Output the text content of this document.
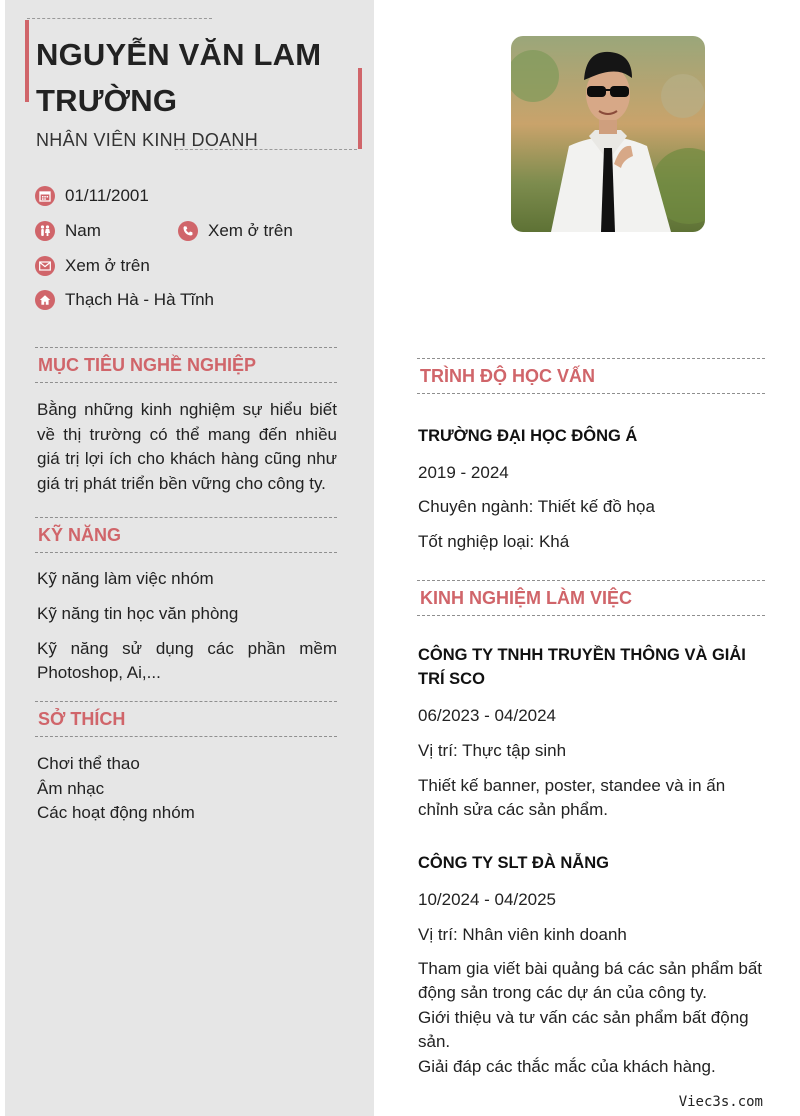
NGUYỄN VĂN LAM TRƯỜNG
NHÂN VIÊN KINH DOANH
01/11/2001
Nam	Xem ở trên
Xem ở trên
Thạch Hà - Hà Tĩnh
MỤC TIÊU NGHỀ NGHIỆP
Bằng những kinh nghiệm sự hiểu biết về thị trường có thể mang đến nhiều giá trị lợi ích cho khách hàng cũng như giá trị phát triển bền vững cho công ty.
KỸ NĂNG
Kỹ năng làm việc nhóm
Kỹ năng tin học văn phòng
Kỹ năng sử dụng các phần mềm Photoshop, Ai,...
SỞ THÍCH
Chơi thể thao
Âm nhạc
Các hoạt động nhóm
TRÌNH ĐỘ HỌC VẤN
TRƯỜNG ĐẠI HỌC ĐÔNG Á
2019 - 2024
Chuyên ngành: Thiết kế đồ họa
Tốt nghiệp loại: Khá
KINH NGHIỆM LÀM VIỆC
CÔNG TY TNHH TRUYỀN THÔNG VÀ GIẢI TRÍ SCO
06/2023 - 04/2024
Vị trí: Thực tập sinh
Thiết kế banner, poster, standee và in ấn chỉnh sửa các sản phẩm.
CÔNG TY SLT ĐÀ NẴNG
10/2024 - 04/2025
Vị trí: Nhân viên kinh doanh
Tham gia viết bài quảng bá các sản phẩm bất động sản trong các dự án của công ty.
Giới thiệu và tư vấn các sản phẩm bất động sản.
Giải đáp các thắc mắc của khách hàng.
Viec3s.com
